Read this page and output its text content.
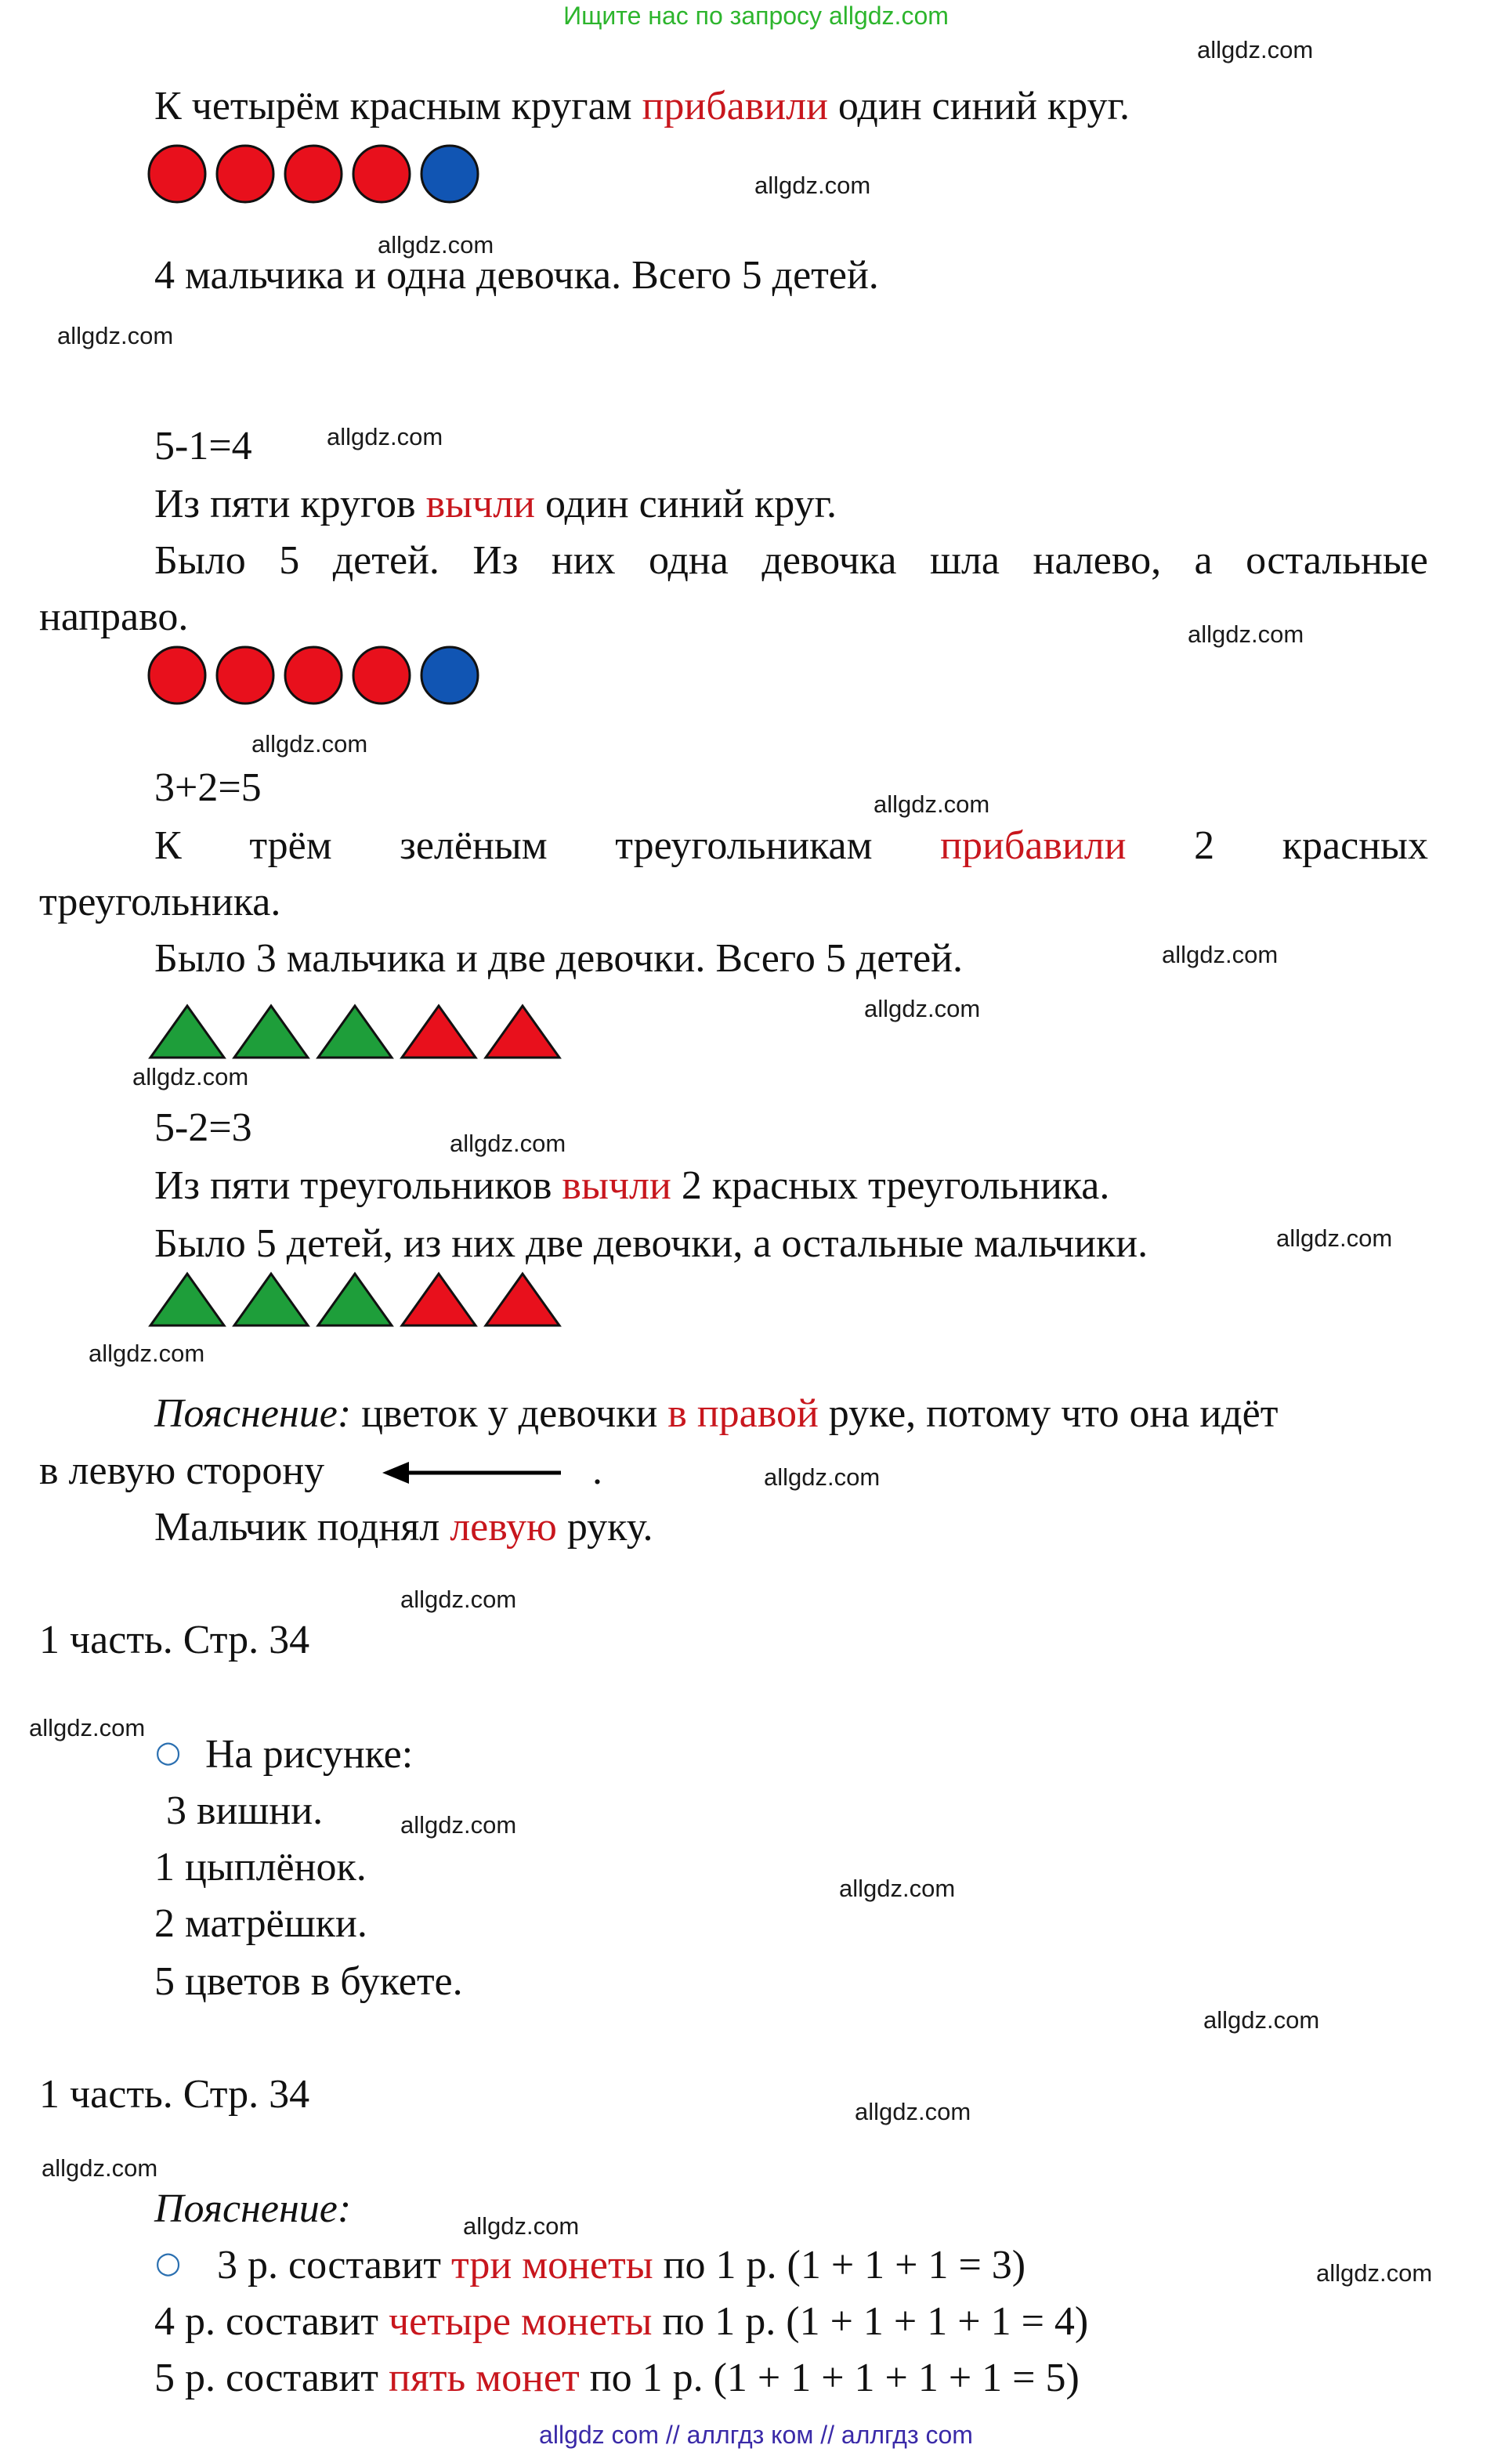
Ищите нас по запросу allgdz.com
allgdz com // аллгдз ком // аллгдз com
allgdz.com
allgdz.com
allgdz.com
allgdz.com
allgdz.com
allgdz.com
allgdz.com
allgdz.com
allgdz.com
allgdz.com
allgdz.com
allgdz.com
allgdz.com
allgdz.com
allgdz.com
allgdz.com
allgdz.com
allgdz.com
allgdz.com
allgdz.com
allgdz.com
allgdz.com
allgdz.com
allgdz.com
К четырём красным кругам прибавили один синий круг.
4 мальчика и одна девочка. Всего 5 детей.
5-1=4
Из пяти кругов вычли один синий круг.
Было 5 детей. Из них одна девочка шла налево, а остальные
направо.
3+2=5
К трём зелёным треугольникам прибавили 2 красных
треугольника.
Было 3 мальчика и две девочки. Всего 5 детей.
5-2=3
Из пяти треугольников вычли 2 красных треугольника.
Было 5 детей, из них две девочки, а остальные мальчики.
Пояснение: цветок у девочки в правой руке, потому что она идёт
в левую сторону	.
Мальчик поднял левую руку.
1 часть. Стр. 34
○ На рисунке:
3 вишни.
1 цыплёнок.
2 матрёшки.
5 цветов в букете.
1 часть. Стр. 34
Пояснение:
○ 3 р. составит три монеты по 1 р. (1 + 1 + 1 = 3)
4 р. составит четыре монеты по 1 р. (1 + 1 + 1 + 1 = 4)
5 р. составит пять монет по 1 р. (1 + 1 + 1 + 1 + 1 = 5)
